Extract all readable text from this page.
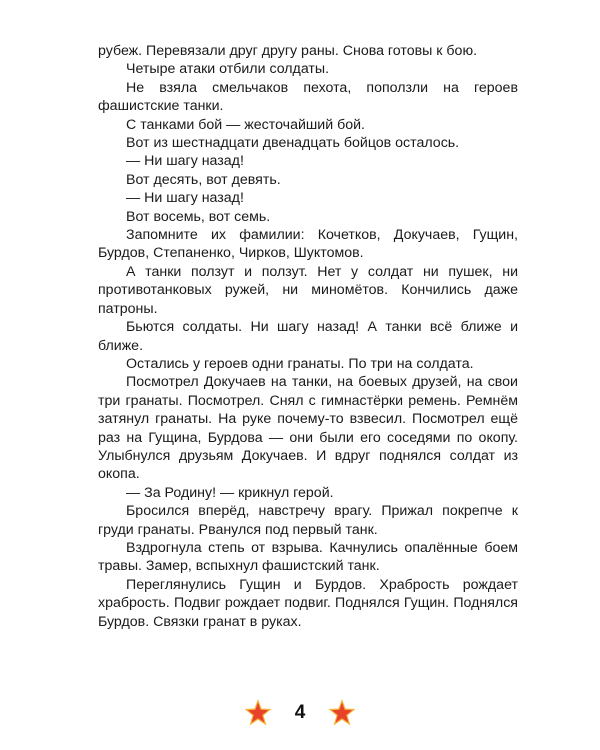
рубеж. Перевязали друг другу раны. Снова готовы к бою.

Четыре атаки отбили солдаты.

Не взяла смельчаков пехота, поползли на героев фашистские танки.

С танками бой — жесточайший бой.

Вот из шестнадцати двенадцать бойцов осталось.

— Ни шагу назад!

Вот десять, вот девять.

— Ни шагу назад!

Вот восемь, вот семь.

Запомните их фамилии: Кочетков, Докучаев, Гущин, Бурдов, Степаненко, Чирков, Шуктомов.

А танки ползут и ползут. Нет у солдат ни пушек, ни противотанковых ружей, ни миномётов. Кончились даже патроны.

Бьются солдаты. Ни шагу назад! А танки всё ближе и ближе.

Остались у героев одни гранаты. По три на солдата.

Посмотрел Докучаев на танки, на боевых друзей, на свои три гранаты. Посмотрел. Снял с гимнастёрки ремень. Ремнём затянул гранаты. На руке почему-то взвесил. Посмотрел ещё раз на Гущина, Бурдова — они были его соседями по окопу. Улыбнулся друзьям Докучаев. И вдруг поднялся солдат из окопа.

— За Родину! — крикнул герой.

Бросился вперёд, навстречу врагу. Прижал покрепче к груди гранаты. Рванулся под первый танк.

Вздрогнула степь от взрыва. Качнулись опалённые боем травы. Замер, вспыхнул фашистский танк.

Переглянулись Гущин и Бурдов. Храбрость рождает храбрость. Подвиг рождает подвиг. Поднялся Гущин. Поднялся Бурдов. Связки гранат в руках.

4
